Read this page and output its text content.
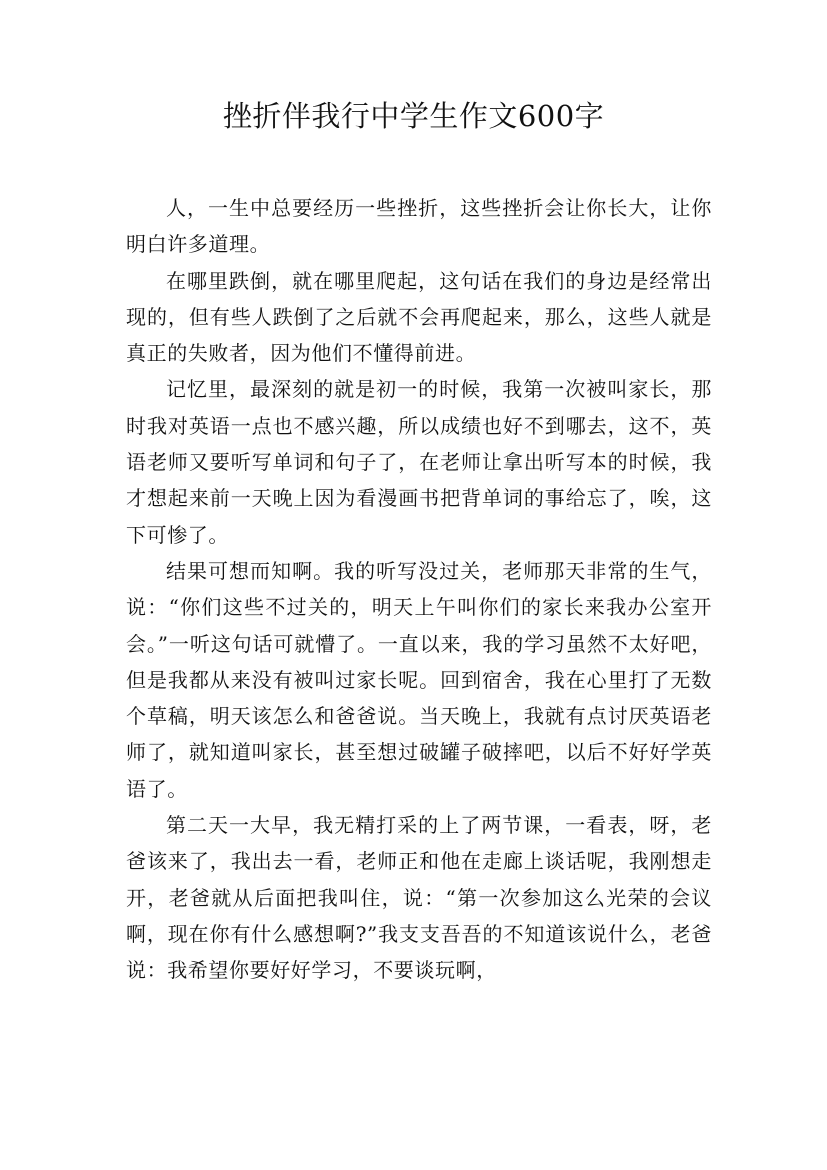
挫折伴我行中学生作文600字

人，一生中总要经历一些挫折，这些挫折会让你长大，让你明白许多道理。

在哪里跌倒，就在哪里爬起，这句话在我们的身边是经常出现的，但有些人跌倒了之后就不会再爬起来，那么，这些人就是真正的失败者，因为他们不懂得前进。

记忆里，最深刻的就是初一的时候，我第一次被叫家长，那时我对英语一点也不感兴趣，所以成绩也好不到哪去，这不，英语老师又要听写单词和句子了，在老师让拿出听写本的时候，我才想起来前一天晚上因为看漫画书把背单词的事给忘了，唉，这下可惨了。

结果可想而知啊。我的听写没过关，老师那天非常的生气，说：“你们这些不过关的，明天上午叫你们的家长来我办公室开会。”一听这句话可就懵了。一直以来，我的学习虽然不太好吧，但是我都从来没有被叫过家长呢。回到宿舍，我在心里打了无数个草稿，明天该怎么和爸爸说。当天晚上，我就有点讨厌英语老师了，就知道叫家长，甚至想过破罐子破摔吧，以后不好好学英语了。

第二天一大早，我无精打采的上了两节课，一看表，呀，老爸该来了，我出去一看，老师正和他在走廊上谈话呢，我刚想走开，老爸就从后面把我叫住，说：“第一次参加这么光荣的会议啊，现在你有什么感想啊?”我支支吾吾的不知道该说什么，老爸说：我希望你要好好学习，不要谈玩啊，
